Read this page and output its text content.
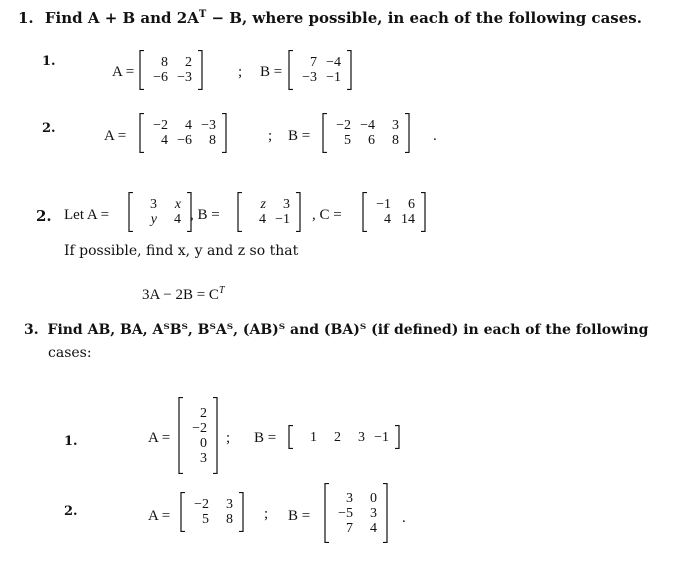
1. Find A + B and $2A^T - B$, where possible, in each of the following cases.
1.
A =
8	2
−6 −3	; B =
7 −4
−3 −1
2.	A =
−2	4 −3
4 −6	8	; B =
−2 −4	3
5	6	8 .
2. Let A =
3	x
y	4 , B =
z	3
4 −1 , C =
−1	6
4 14
If possible, find x, y and z so that
$3A - 2B = C^T$
3. Find AB, BA, AᵀBᵀ, BᵀAᵀ, (AB)ᵀ and (BA)ᵀ (if defined) in each of the following
cases:
1.	A =
2
−2
0
3
; B =	1	2	3 −1
2.	A =
−2	3
5	8 ; B =
3	0
−5	3
7	4
.
